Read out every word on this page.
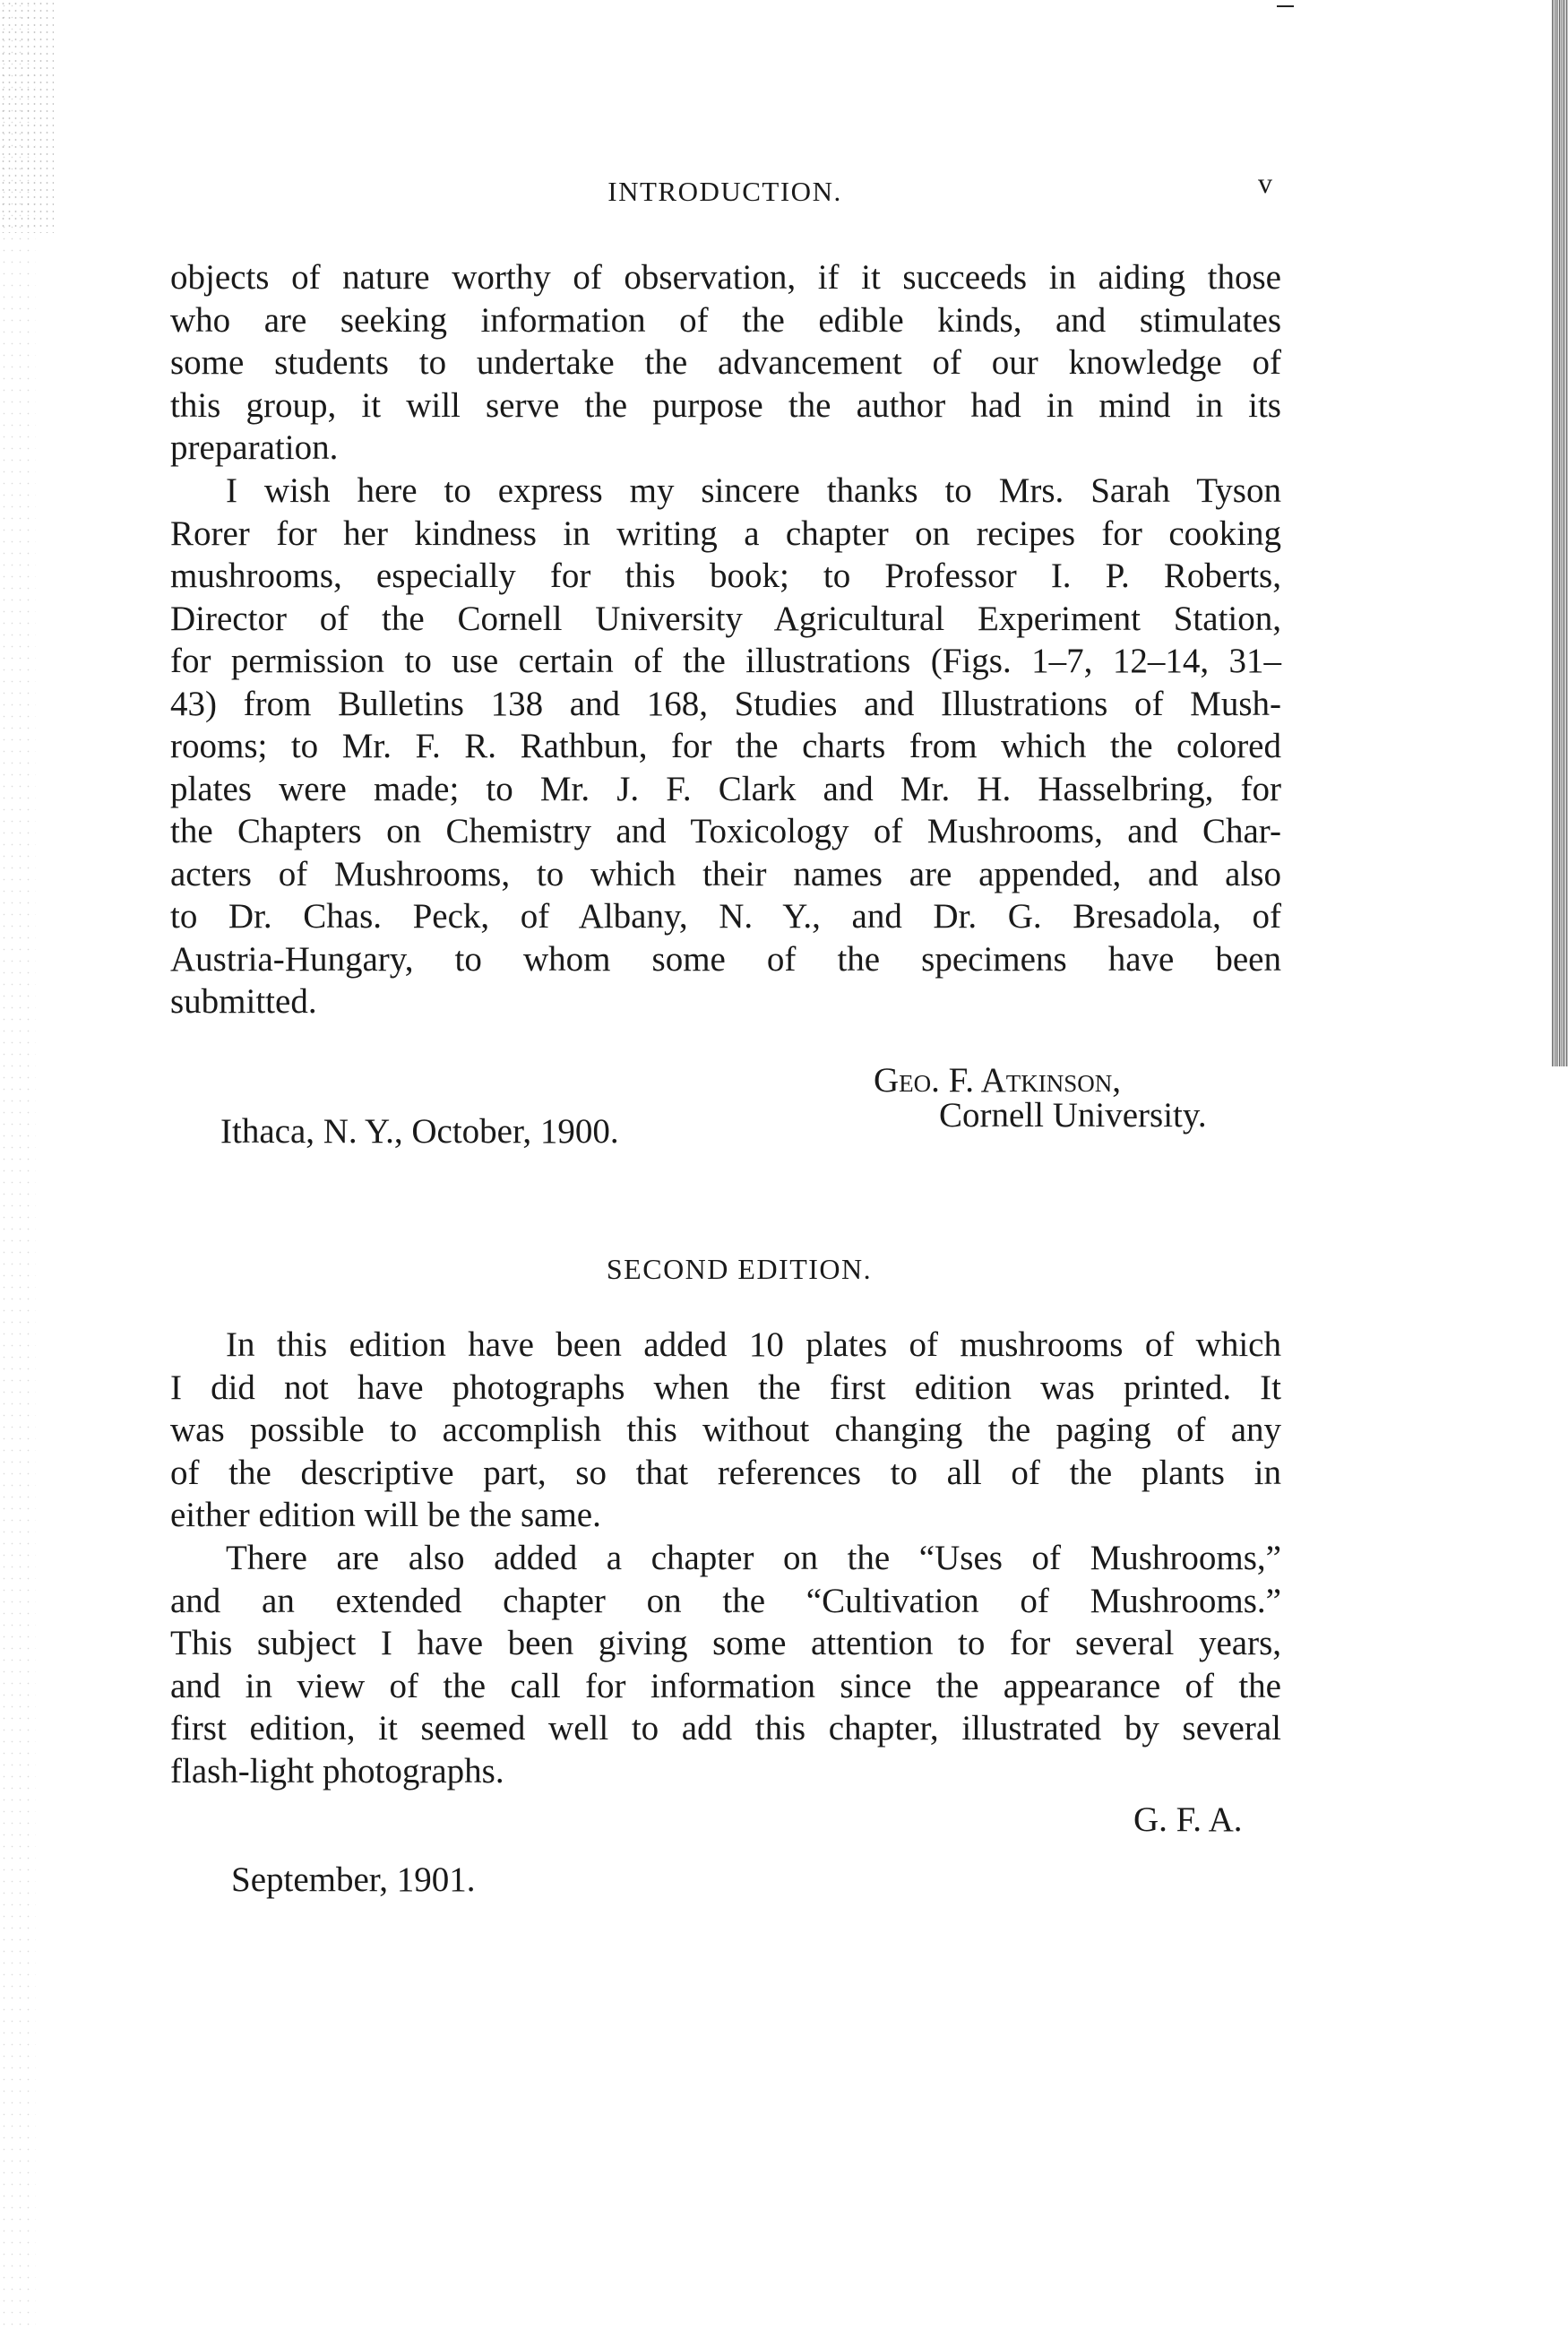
INTRODUCTION.	v
objects of nature worthy of observation, if it succeeds in aiding those
who are seeking information of the edible kinds, and stimulates
some students to undertake the advancement of our knowledge of
this group, it will serve the purpose the author had in mind in its
preparation.
I wish here to express my sincere thanks to Mrs. Sarah Tyson
Rorer for her kindness in writing a chapter on recipes for cooking
mushrooms, especially for this book; to Professor I. P. Roberts,
Director of the Cornell University Agricultural Experiment Station,
for permission to use certain of the illustrations (Figs. 1–7, 12–14, 31–
43) from Bulletins 138 and 168, Studies and Illustrations of Mush-
rooms; to Mr. F. R. Rathbun, for the charts from which the colored
plates were made; to Mr. J. F. Clark and Mr. H. Hasselbring, for
the Chapters on Chemistry and Toxicology of Mushrooms, and Char-
acters of Mushrooms, to which their names are appended, and also
to Dr. Chas. Peck, of Albany, N. Y., and Dr. G. Bresadola, of
Austria-Hungary, to whom some of the specimens have been
submitted.
Geo. F. Atkinson,
Cornell University.
Ithaca, N. Y., October, 1900.
SECOND EDITION.
In this edition have been added 10 plates of mushrooms of which
I did not have photographs when the first edition was printed. It
was possible to accomplish this without changing the paging of any
of the descriptive part, so that references to all of the plants in
either edition will be the same.
There are also added a chapter on the “Uses of Mushrooms,”
and an extended chapter on the “Cultivation of Mushrooms.”
This subject I have been giving some attention to for several years,
and in view of the call for information since the appearance of the
first edition, it seemed well to add this chapter, illustrated by several
flash-light photographs.
G. F. A.
September, 1901.
